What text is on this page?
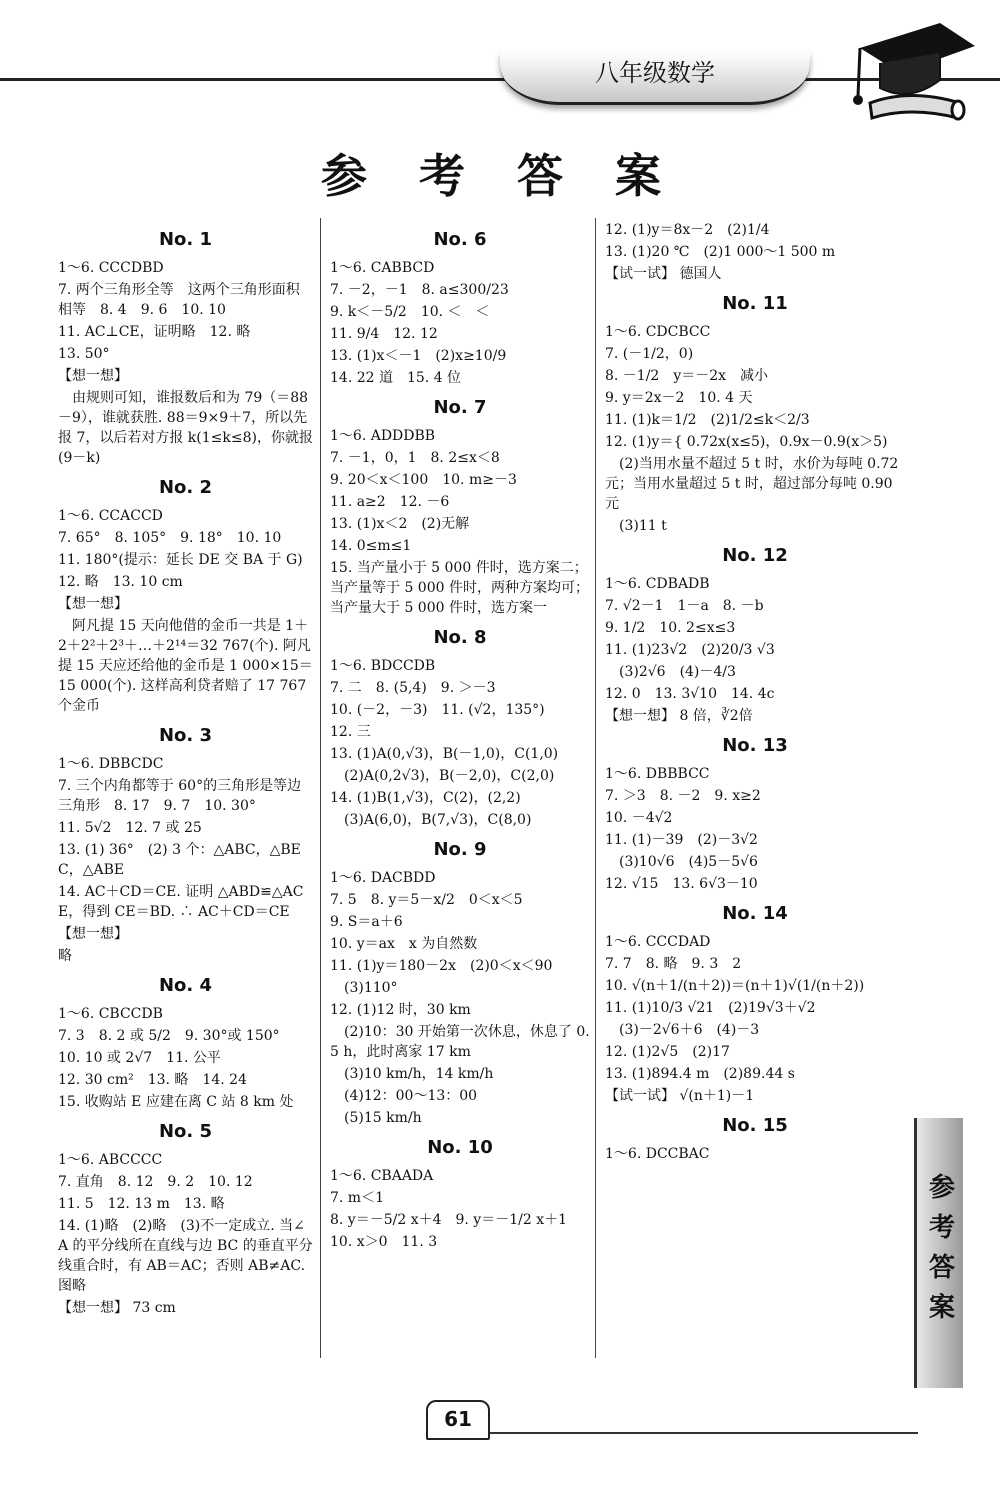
八年级数学
参 考 答 案
No. 1
1～6. CCCDBD
7. 两个三角形全等　这两个三角形面积相等　8. 4　9. 6　10. 10
11. AC⊥CE，证明略　12. 略
13. 50°
【想一想】
　由规则可知，谁报数后和为 79（＝88－9），谁就获胜. 88＝9×9＋7，所以先报 7，以后若对方报 k(1≤k≤8)，你就报(9－k)
No. 2
1～6. CCACCD
7. 65°　8. 105°　9. 18°　10. 10
11. 180°(提示：延长 DE 交 BA 于 G)
12. 略　13. 10 cm
【想一想】
　阿凡提 15 天向他借的金币一共是 1＋2＋2²＋2³＋…＋2¹⁴＝32 767(个). 阿凡提 15 天应还给他的金币是 1 000×15＝15 000(个). 这样高利贷者赔了 17 767 个金币
No. 3
1～6. DBBCDC
7. 三个内角都等于 60°的三角形是等边三角形　8. 17　9. 7　10. 30°
11. 5√2　12. 7 或 25
13. (1) 36°　(2) 3 个：△ABC，△BEC，△ABE
14. AC＋CD＝CE. 证明 △ABD≌△ACE，得到 CE＝BD. ∴ AC＋CD＝CE
【想一想】
略
No. 4
1～6. CBCCDB
7. 3　8. 2 或 5/2　9. 30°或 150°
10. 10 或 2√7　11. 公平
12. 30 cm²　13. 略　14. 24
15. 收购站 E 应建在离 C 站 8 km 处
No. 5
1～6. ABCCCC
7. 直角　8. 12　9. 2　10. 12
11. 5　12. 13 m　13. 略
14. (1)略　(2)略　(3)不一定成立. 当∠A 的平分线所在直线与边 BC 的垂直平分线重合时，有 AB＝AC；否则 AB≠AC. 图略
【想一想】 73 cm
No. 6
1～6. CABBCD
7. －2，－1　8. a≤300/23
9. k＜－5/2　10. ＜　＜
11. 9/4　12. 12
13. (1)x＜－1　(2)x≥10/9
14. 22 道　15. 4 位
No. 7
1～6. ADDDBB
7. －1，0，1　8. 2≤x＜8
9. 20＜x＜100　10. m≥－3
11. a≥2　12. －6
13. (1)x＜2　(2)无解
14. 0≤m≤1
15. 当产量小于 5 000 件时，选方案二；当产量等于 5 000 件时，两种方案均可；当产量大于 5 000 件时，选方案一
No. 8
1～6. BDCCDB
7. 二　8. (5,4)　9. ＞－3
10. (－2，－3)　11. (√2，135°)
12. 三
13. (1)A(0,√3)，B(－1,0)，C(1,0)
　(2)A(0,2√3)，B(－2,0)，C(2,0)
14. (1)B(1,√3)，C(2)，(2,2)
　(3)A(6,0)，B(7,√3)，C(8,0)
No. 9
1～6. DACBDD
7. 5　8. y＝5－x/2　0＜x＜5
9. S＝a＋6
10. y＝ax　x 为自然数
11. (1)y＝180－2x　(2)0＜x＜90
　(3)110°
12. (1)12 时，30 km
　(2)10：30 开始第一次休息，休息了 0.5 h，此时离家 17 km
　(3)10 km/h，14 km/h
　(4)12：00～13：00
　(5)15 km/h
No. 10
1～6. CBAADA
7. m＜1
8. y＝－5/2 x＋4　9. y＝－1/2 x＋1
10. x＞0　11. 3
12. (1)y＝8x－2　(2)1/4
13. (1)20 ℃　(2)1 000～1 500 m
【试一试】 德国人
No. 11
1～6. CDCBCC
7. (－1/2，0)
8. －1/2　y＝－2x　减小
9. y＝2x－2　10. 4 天
11. (1)k＝1/2　(2)1/2≤k＜2/3
12. (1)y＝{ 0.72x(x≤5)，0.9x－0.9(x＞5)
　(2)当用水量不超过 5 t 时，水价为每吨 0.72 元；当用水量超过 5 t 时，超过部分每吨 0.90 元
　(3)11 t
No. 12
1～6. CDBADB
7. √2－1　1－a　8. －b
9. 1/2　10. 2≤x≤3
11. (1)23√2　(2)20/3 √3
　(3)2√6　(4)－4/3
12. 0　13. 3√10　14. 4c
【想一想】 8 倍，∛2倍
No. 13
1～6. DBBBCC
7. ＞3　8. －2　9. x≥2
10. －4√2
11. (1)－39　(2)－3√2
　(3)10√6　(4)5－5√6
12. √15　13. 6√3－10
No. 14
1～6. CCCDAD
7. 7　8. 略　9. 3　2
10. √(n＋1/(n＋2))＝(n＋1)√(1/(n＋2))
11. (1)10/3 √21　(2)19√3＋√2
　(3)－2√6＋6　(4)－3
12. (1)2√5　(2)17
13. (1)894.4 m　(2)89.44 s
【试一试】 √(n＋1)－1
No. 15
1～6. DCCBAC
参考答案
61
